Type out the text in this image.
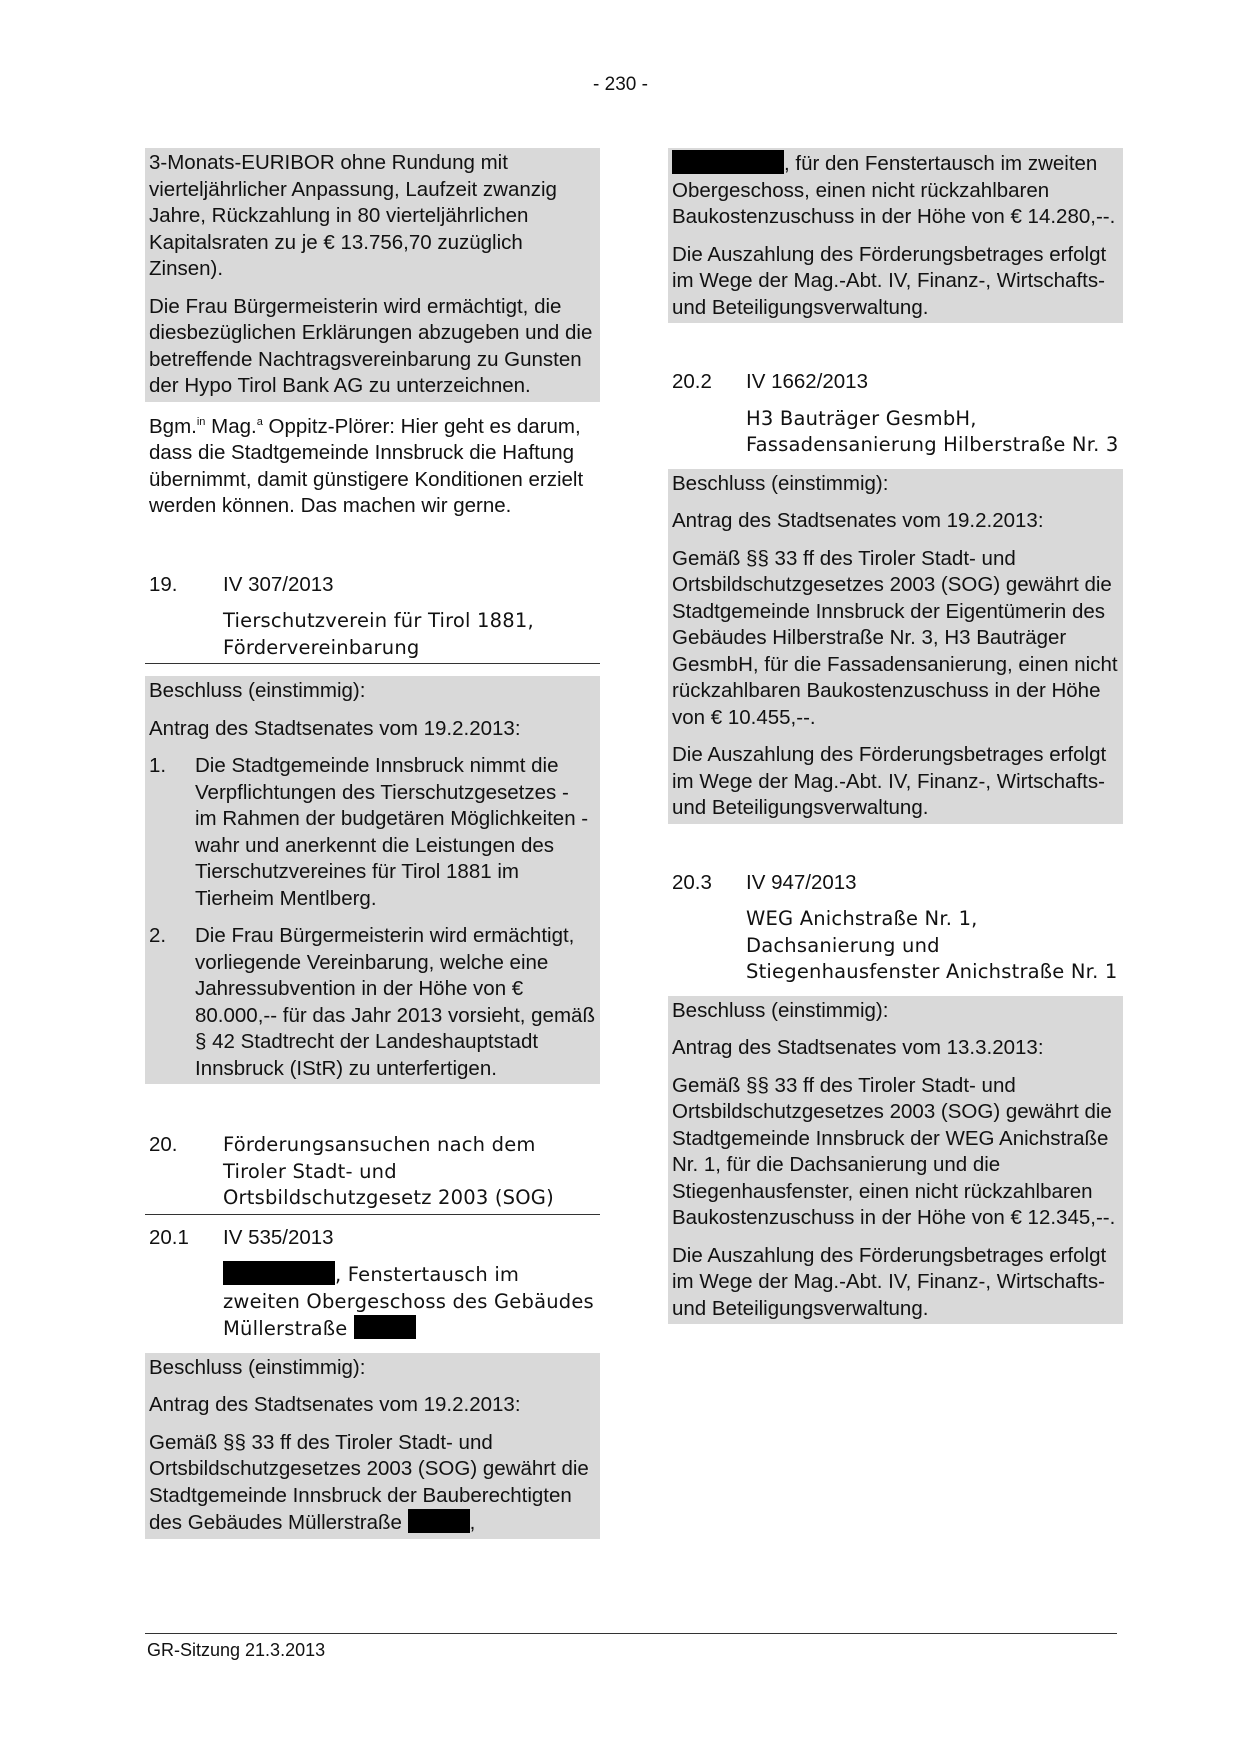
- 230 -

3-Monats-EURIBOR ohne Rundung mit vierteljährlicher Anpassung, Laufzeit zwanzig Jahre, Rückzahlung in 80 vierteljährlichen Kapitalsraten zu je € 13.756,70 zuzüglich Zinsen).

Die Frau Bürgermeisterin wird ermächtigt, die diesbezüglichen Erklärungen abzugeben und die betreffende Nachtragsvereinbarung zu Gunsten der Hypo Tirol Bank AG zu unterzeichnen.

Bgm.$^{in}$ Mag.$^a$ Oppitz-Plörer: Hier geht es darum, dass die Stadtgemeinde Innsbruck die Haftung übernimmt, damit günstigere Konditionen erzielt werden können. Das machen wir gerne.

19.	IV 307/2013
Tierschutzverein für Tirol 1881, Fördervereinbarung

Beschluss (einstimmig):

Antrag des Stadtsenates vom 19.2.2013:

1.	Die Stadtgemeinde Innsbruck nimmt die Verpflichtungen des Tierschutzgesetzes - im Rahmen der budgetären Möglichkeiten - wahr und anerkennt die Leistungen des Tierschutzvereines für Tirol 1881 im Tierheim Mentlberg.
2.	Die Frau Bürgermeisterin wird ermächtigt, vorliegende Vereinbarung, welche eine Jahressubvention in der Höhe von € 80.000,-- für das Jahr 2013 vorsieht, gemäß § 42 Stadtrecht der Landeshauptstadt Innsbruck (IStR) zu unterfertigen.
20.	Förderungsansuchen nach dem Tiroler Stadt- und Ortsbildschutzgesetz 2003 (SOG)
20.1	IV 535/2013
, Fenstertausch im zweiten Obergeschoss des Gebäudes Müllerstraße

Beschluss (einstimmig):

Antrag des Stadtsenates vom 19.2.2013:

Gemäß §§ 33 ff des Tiroler Stadt- und Ortsbildschutzgesetzes 2003 (SOG) gewährt die Stadtgemeinde Innsbruck der Bauberechtigten des Gebäudes Müllerstraße	,

, für den Fenstertausch im zweiten Obergeschoss, einen nicht rückzahlbaren Baukostenzuschuss in der Höhe von € 14.280,--.

Die Auszahlung des Förderungsbetrages erfolgt im Wege der Mag.-Abt. IV, Finanz-, Wirtschafts- und Beteiligungsverwaltung.

20.2	IV 1662/2013
H3 Bauträger GesmbH, Fassadensanierung Hilberstraße Nr. 3

Beschluss (einstimmig):

Antrag des Stadtsenates vom 19.2.2013:

Gemäß §§ 33 ff des Tiroler Stadt- und Ortsbildschutzgesetzes 2003 (SOG) gewährt die Stadtgemeinde Innsbruck der Eigentümerin des Gebäudes Hilberstraße Nr. 3, H3 Bauträger GesmbH, für die Fassadensanierung, einen nicht rückzahlbaren Baukostenzuschuss in der Höhe von € 10.455,--.

Die Auszahlung des Förderungsbetrages erfolgt im Wege der Mag.-Abt. IV, Finanz-, Wirtschafts- und Beteiligungsverwaltung.

20.3	IV 947/2013
WEG Anichstraße Nr. 1, Dachsanierung und Stiegenhausfenster Anichstraße Nr. 1

Beschluss (einstimmig):

Antrag des Stadtsenates vom 13.3.2013:

Gemäß §§ 33 ff des Tiroler Stadt- und Ortsbildschutzgesetzes 2003 (SOG) gewährt die Stadtgemeinde Innsbruck der WEG Anichstraße Nr. 1, für die Dachsanierung und die Stiegenhausfenster, einen nicht rückzahlbaren Baukostenzuschuss in der Höhe von € 12.345,--.

Die Auszahlung des Förderungsbetrages erfolgt im Wege der Mag.-Abt. IV, Finanz-, Wirtschafts- und Beteiligungsverwaltung.

GR-Sitzung 21.3.2013
